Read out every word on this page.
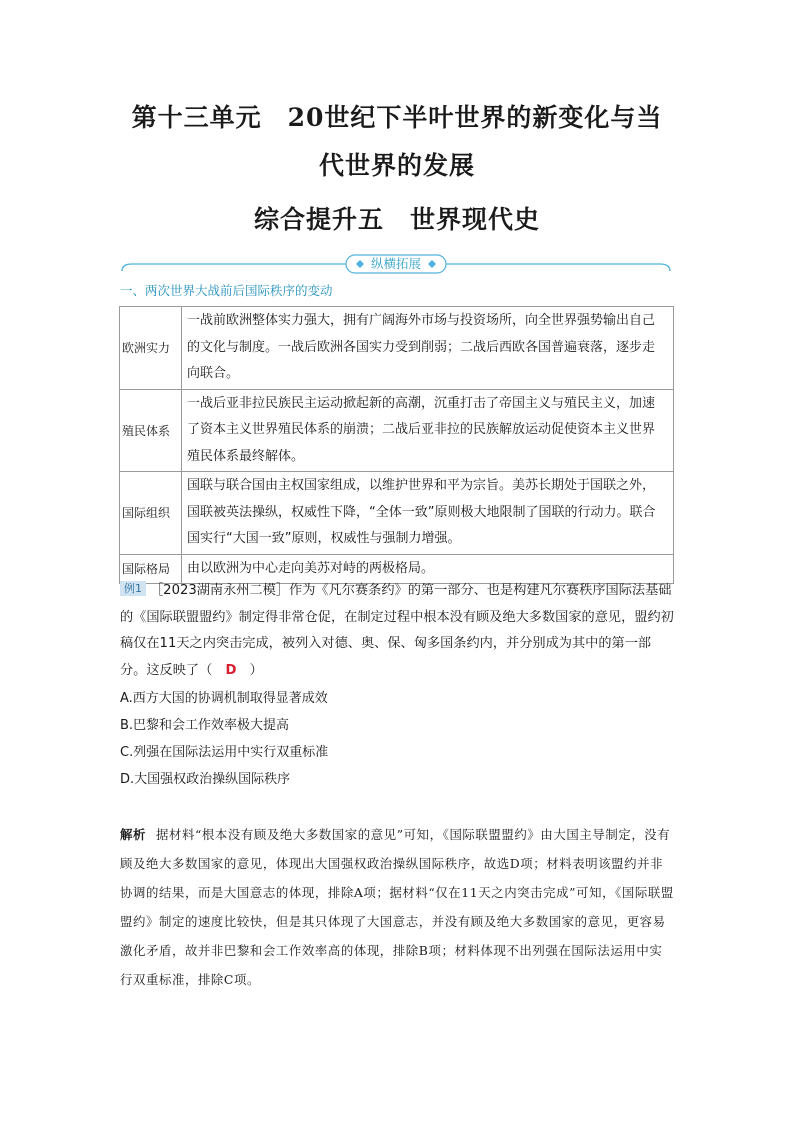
第十三单元　20世纪下半叶世界的新变化与当
代世界的发展
综合提升五　世界现代史
纵横拓展
一、两次世界大战前后国际秩序的变动
欧洲实力	一战前欧洲整体实力强大，拥有广阔海外市场与投资场所，向全世界强势输出自己的文化与制度。一战后欧洲各国实力受到削弱；二战后西欧各国普遍衰落，逐步走向联合。
殖民体系	一战后亚非拉民族民主运动掀起新的高潮，沉重打击了帝国主义与殖民主义，加速了资本主义世界殖民体系的崩溃；二战后亚非拉的民族解放运动促使资本主义世界殖民体系最终解体。
国际组织	国联与联合国由主权国家组成，以维护世界和平为宗旨。美苏长期处于国联之外，国联被英法操纵，权威性下降，“全体一致”原则极大地限制了国联的行动力。联合国实行“大国一致”原则，权威性与强制力增强。
国际格局	由以欧洲为中心走向美苏对峙的两极格局。
例1 ［2023湖南永州二模］作为《凡尔赛条约》的第一部分、也是构建凡尔赛秩序国际法基础的《国际联盟盟约》制定得非常仓促，在制定过程中根本没有顾及绝大多数国家的意见，盟约初稿仅在11天之内突击完成，被列入对德、奥、保、匈多国条约内，并分别成为其中的第一部分。这反映了（　D　）
A.西方大国的协调机制取得显著成效
B.巴黎和会工作效率极大提高
C.列强在国际法运用中实行双重标准
D.大国强权政治操纵国际秩序
解析 据材料“根本没有顾及绝大多数国家的意见”可知，《国际联盟盟约》由大国主导制定，没有顾及绝大多数国家的意见，体现出大国强权政治操纵国际秩序，故选D项；材料表明该盟约并非协调的结果，而是大国意志的体现，排除A项；据材料“仅在11天之内突击完成”可知，《国际联盟盟约》制定的速度比较快，但是其只体现了大国意志，并没有顾及绝大多数国家的意见，更容易激化矛盾，故并非巴黎和会工作效率高的体现，排除B项；材料体现不出列强在国际法运用中实行双重标准，排除C项。
